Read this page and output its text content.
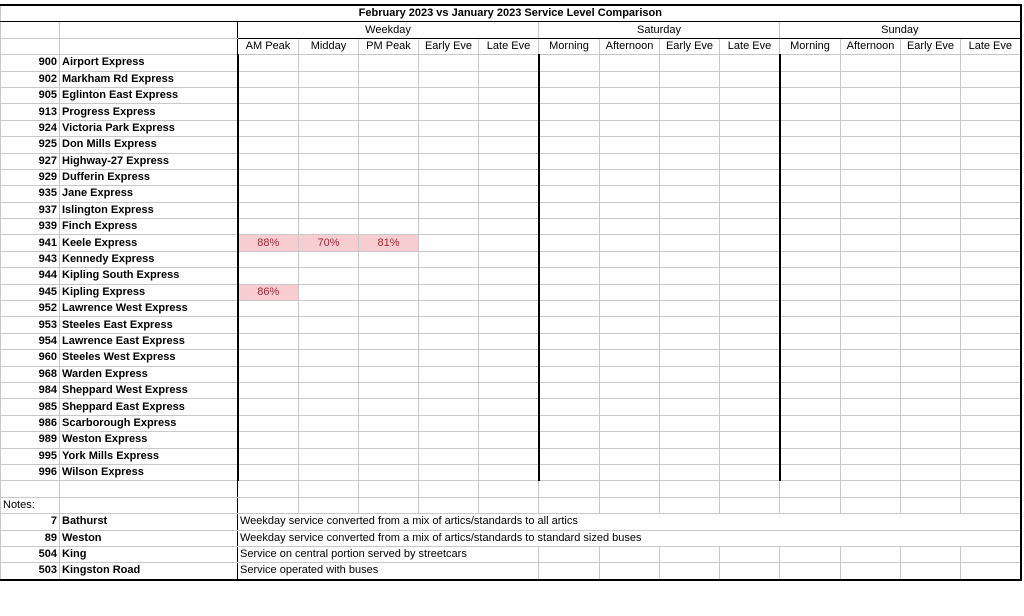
February 2023 vs January 2023 Service Level Comparison														
		Weekday					Saturday				Sunday			
		AM Peak	Midday	PM Peak	Early Eve	Late Eve	Morning	Afternoon	Early Eve	Late Eve	Morning	Afternoon	Early Eve	Late Eve
900	Airport Express													
902	Markham Rd Express													
905	Eglinton East Express													
913	Progress Express													
924	Victoria Park Express													
925	Don Mills Express													
927	Highway-27 Express													
929	Dufferin Express													
935	Jane Express													
937	Islington Express													
939	Finch Express													
941	Keele Express	88%	70%	81%										
943	Kennedy Express													
944	Kipling South Express													
945	Kipling Express	86%												
952	Lawrence West Express													
953	Steeles East Express													
954	Lawrence East Express													
960	Steeles West Express													
968	Warden Express													
984	Sheppard West Express													
985	Sheppard East Express													
986	Scarborough Express													
989	Weston Express													
995	York Mills Express													
996	Wilson Express													

Notes:														
7	Bathurst	Weekday service converted from a mix of artics/standards to all artics												
89	Weston	Weekday service converted from a mix of artics/standards to standard sized buses												
504	King	Service on central portion served by streetcars												
503	Kingston Road	Service operated with buses												
